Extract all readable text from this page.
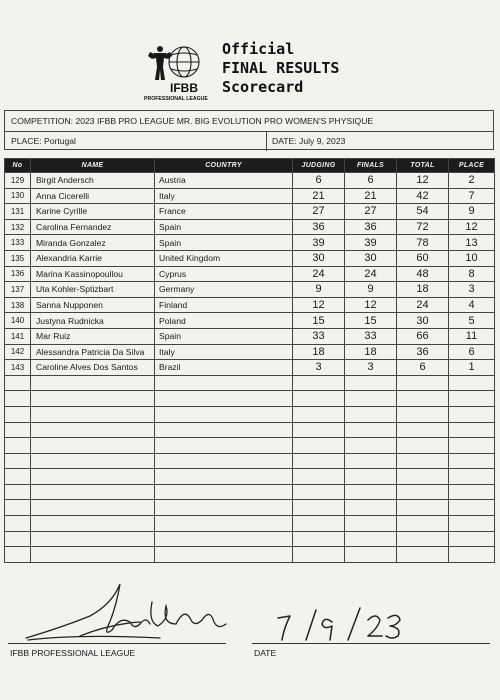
IFBB
PROFESSIONAL LEAGUE
Official
FINAL RESULTS
Scorecard
COMPETITION: 2023 IFBB PRO LEAGUE MR. BIG EVOLUTION PRO WOMEN'S PHYSIQUE
PLACE: Portugal	DATE: July 9, 2023
No	NAME	COUNTRY	JUDGING	FINALS	TOTAL	PLACE
129	Birgit Andersch	Austria	6	6	12	2
130	Anna Cicerelli	Italy	21	21	42	7
131	Karine Cyrille	France	27	27	54	9
132	Carolina Fernandez	Spain	36	36	72	12
133	Miranda Gonzalez	Spain	39	39	78	13
135	Alexandria Karrie	United Kingdom	30	30	60	10
136	Marina Kassinopoullou	Cyprus	24	24	48	8
137	Uta Kohler-Sptizbart	Germany	9	9	18	3
138	Sanna Nupponen	Finland	12	12	24	4
140	Justyna Rudnicka	Poland	15	15	30	5
141	Mar Ruiz	Spain	33	33	66	11
142	Alessandra Patricia Da Silva	Italy	18	18	36	6
143	Caroline Alves Dos Santos	Brazil	3	3	6	1

IFBB PROFESSIONAL LEAGUE	DATE
